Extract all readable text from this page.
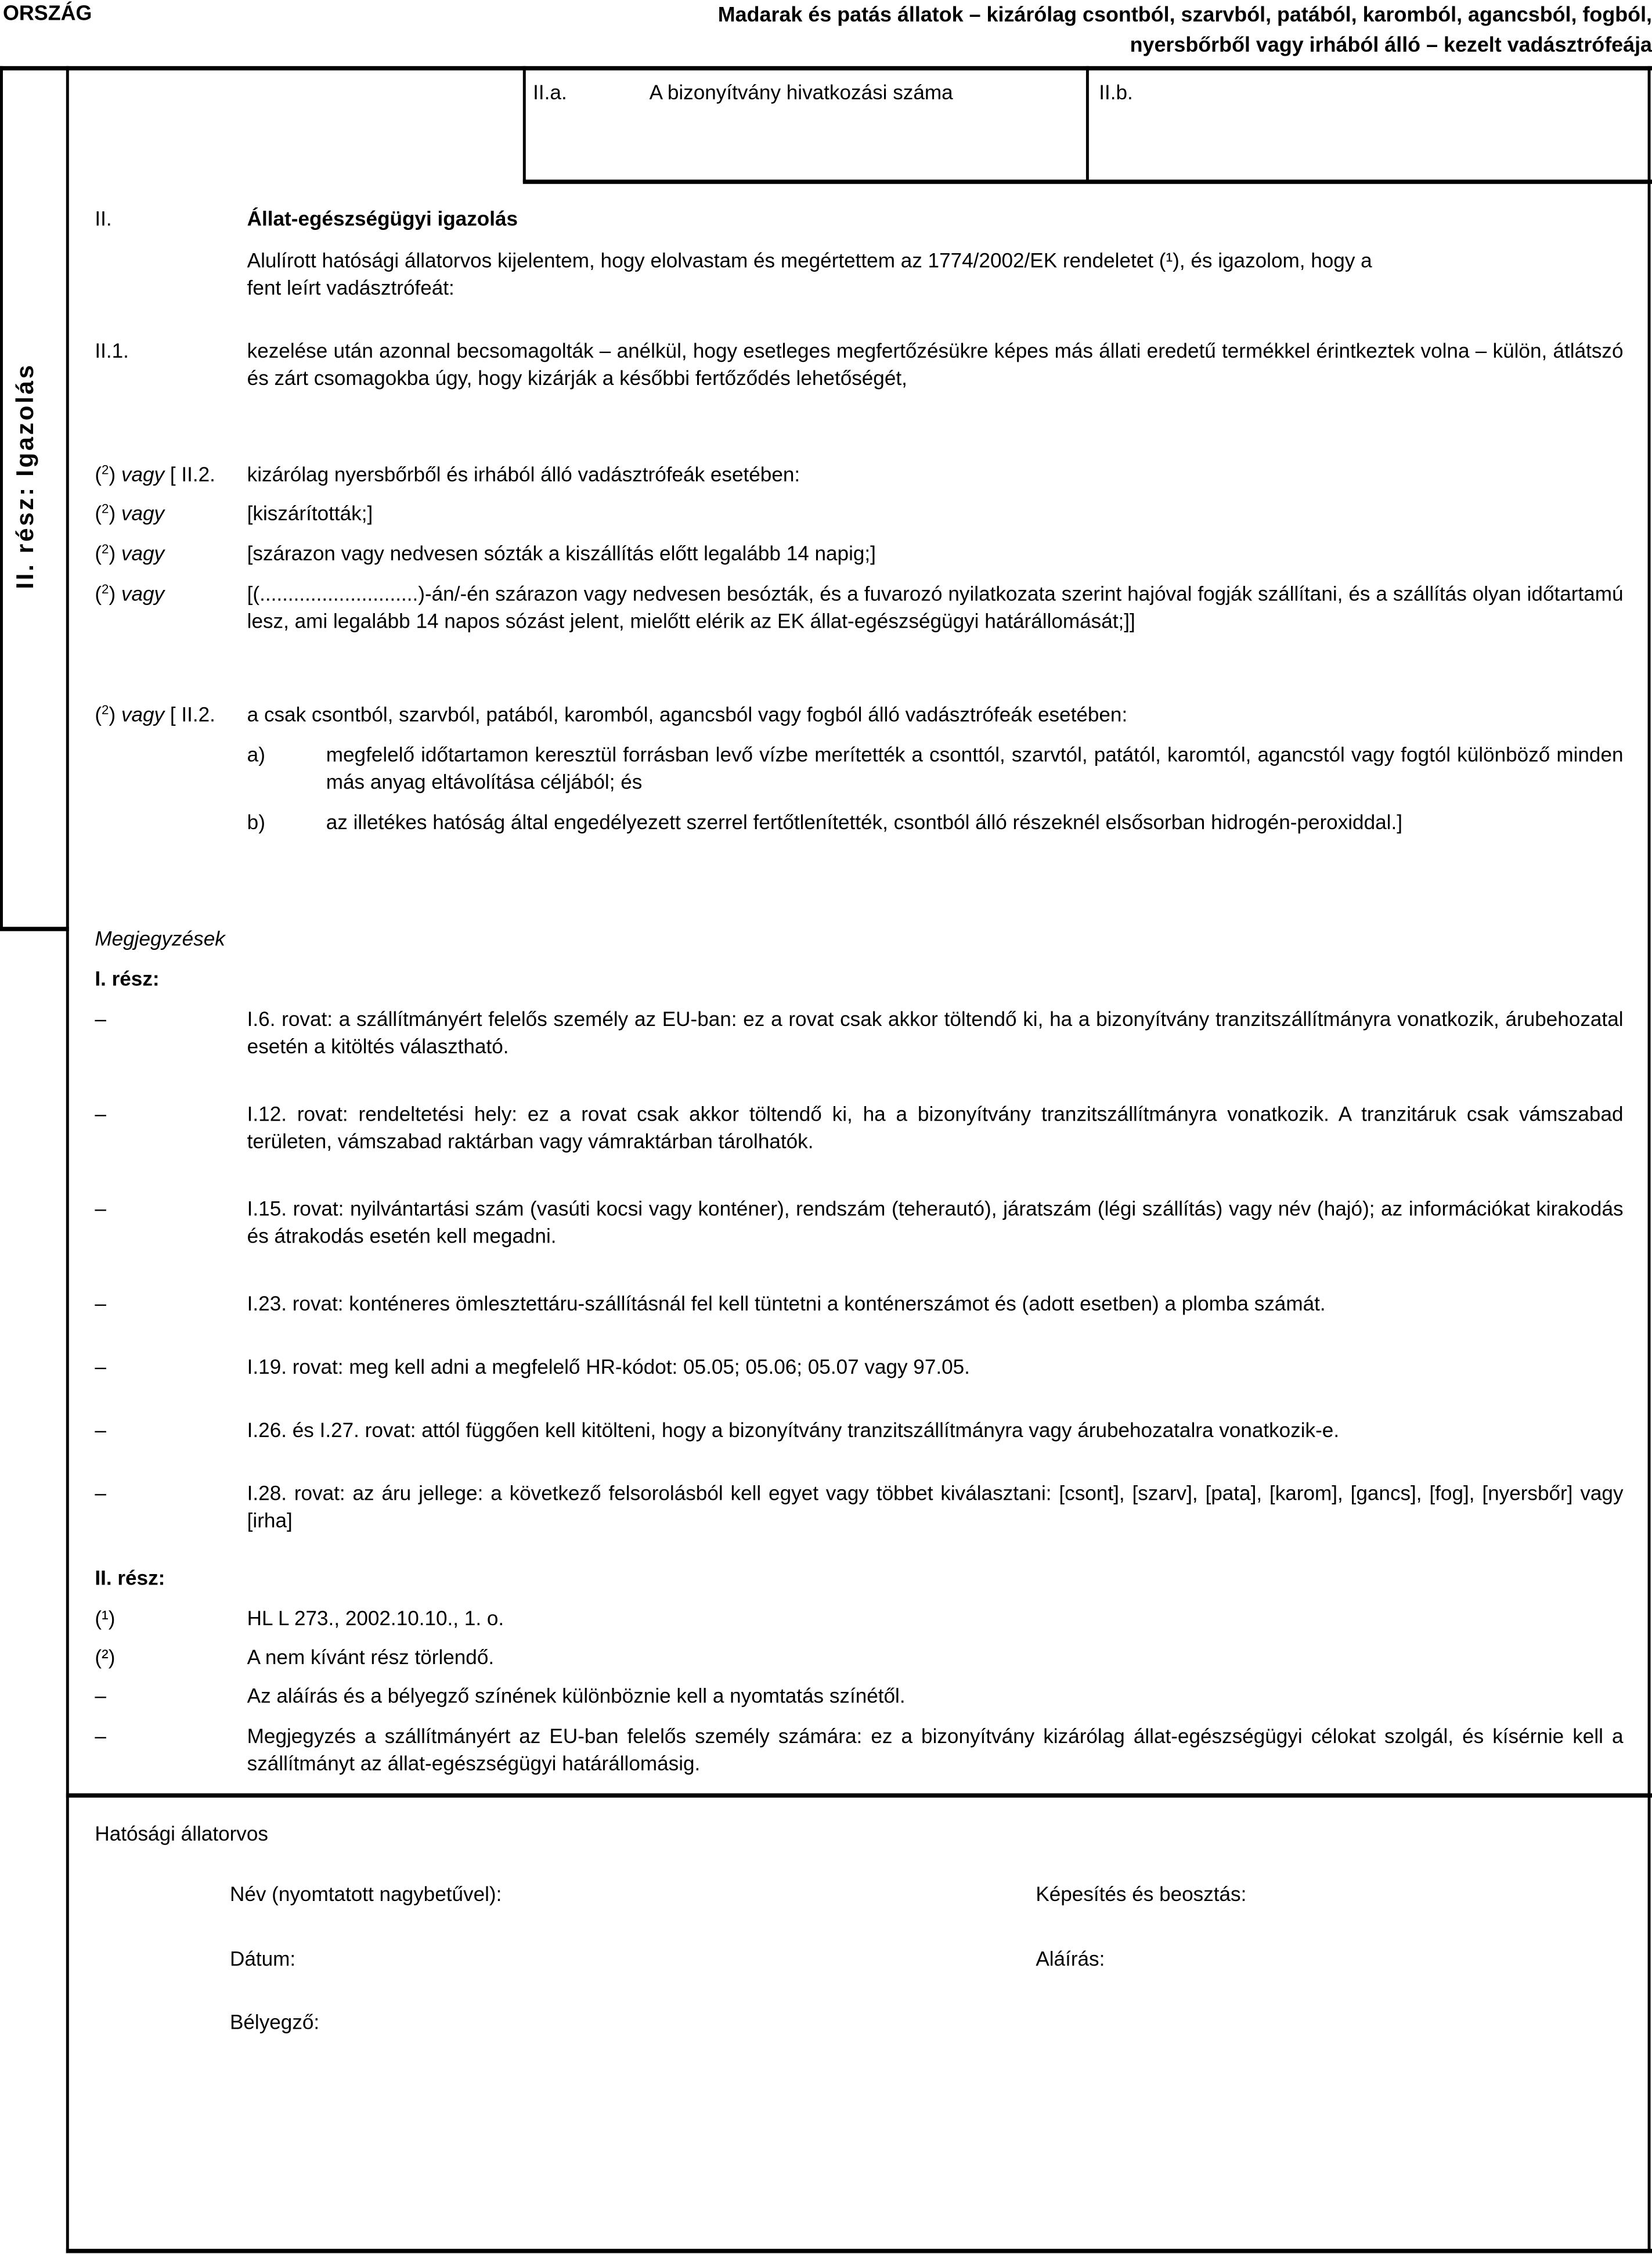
ORSZÁG	Madarak és patás állatok – kizárólag csontból, szarvból, patából, karomból, agancsból, fogból,
nyersbőrből vagy irhából álló – kezelt vadásztrófeája
II.a.	A bizonyítvány hivatkozási száma	II.b.
II. rész: Igazolás
II.	Állat-egészségügyi igazolás
Alulírott hatósági állatorvos kijelentem, hogy elolvastam és megértettem az 1774/2002/EK rendeletet (¹), és igazolom, hogy a
fent leírt vadásztrófeát:
II.1.	kezelése után azonnal becsomagolták – anélkül, hogy esetleges megfertőzésükre képes más állati eredetű termékkel érintkeztek volna – külön, átlátszó és zárt csomagokba úgy, hogy kizárják a későbbi fertőződés lehetőségét,
($^2$) vagy [ II.2.	kizárólag nyersbőrből és irhából álló vadásztrófeák esetében:
($^2$) vagy	[kiszárították;]
($^2$) vagy	[szárazon vagy nedvesen sózták a kiszállítás előtt legalább 14 napig;]
($^2$) vagy	[(............................)-án/-én szárazon vagy nedvesen besózták, és a fuvarozó nyilatkozata szerint hajóval fogják szállítani, és a szállítás olyan időtartamú lesz, ami legalább 14 napos sózást jelent, mielőtt elérik az EK állat-egészségügyi határállomását;]]
($^2$) vagy [ II.2.	a csak csontból, szarvból, patából, karomból, agancsból vagy fogból álló vadásztrófeák esetében:
a)	megfelelő időtartamon keresztül forrásban levő vízbe merítették a csonttól, szarvtól, patától, karomtól, agancstól vagy fogtól különböző minden más anyag eltávolítása céljából; és
b)	az illetékes hatóság által engedélyezett szerrel fertőtlenítették, csontból álló részeknél elsősorban hidrogén-peroxiddal.]
Megjegyzések
I. rész:
–	I.6. rovat: a szállítmányért felelős személy az EU-ban: ez a rovat csak akkor töltendő ki, ha a bizonyítvány tranzitszállítmányra vonatkozik, árubehozatal esetén a kitöltés választható.
–	I.12. rovat: rendeltetési hely: ez a rovat csak akkor töltendő ki, ha a bizonyítvány tranzitszállítmányra vonatkozik. A tranzitáruk csak vámszabad területen, vámszabad raktárban vagy vámraktárban tárolhatók.
–	I.15. rovat: nyilvántartási szám (vasúti kocsi vagy konténer), rendszám (teherautó), járatszám (légi szállítás) vagy név (hajó); az információkat kirakodás és átrakodás esetén kell megadni.
–	I.23. rovat: konténeres ömlesztettáru-szállításnál fel kell tüntetni a konténerszámot és (adott esetben) a plomba számát.
–	I.19. rovat: meg kell adni a megfelelő HR-kódot: 05.05; 05.06; 05.07 vagy 97.05.
–	I.26. és I.27. rovat: attól függően kell kitölteni, hogy a bizonyítvány tranzitszállítmányra vagy árubehozatalra vonatkozik-e.
–	I.28. rovat: az áru jellege: a következő felsorolásból kell egyet vagy többet kiválasztani: [csont], [szarv], [pata], [karom], [gancs], [fog], [nyersbőr] vagy [irha]
II. rész:
(¹)	HL L 273., 2002.10.10., 1. o.
(²)	A nem kívánt rész törlendő.
–	Az aláírás és a bélyegző színének különböznie kell a nyomtatás színétől.
–	Megjegyzés a szállítmányért az EU-ban felelős személy számára: ez a bizonyítvány kizárólag állat-egészségügyi célokat szolgál, és kísérnie kell a szállítmányt az állat-egészségügyi határállomásig.
Hatósági állatorvos
Név (nyomtatott nagybetűvel):	Képesítés és beosztás:
Dátum:	Aláírás:
Bélyegző:
